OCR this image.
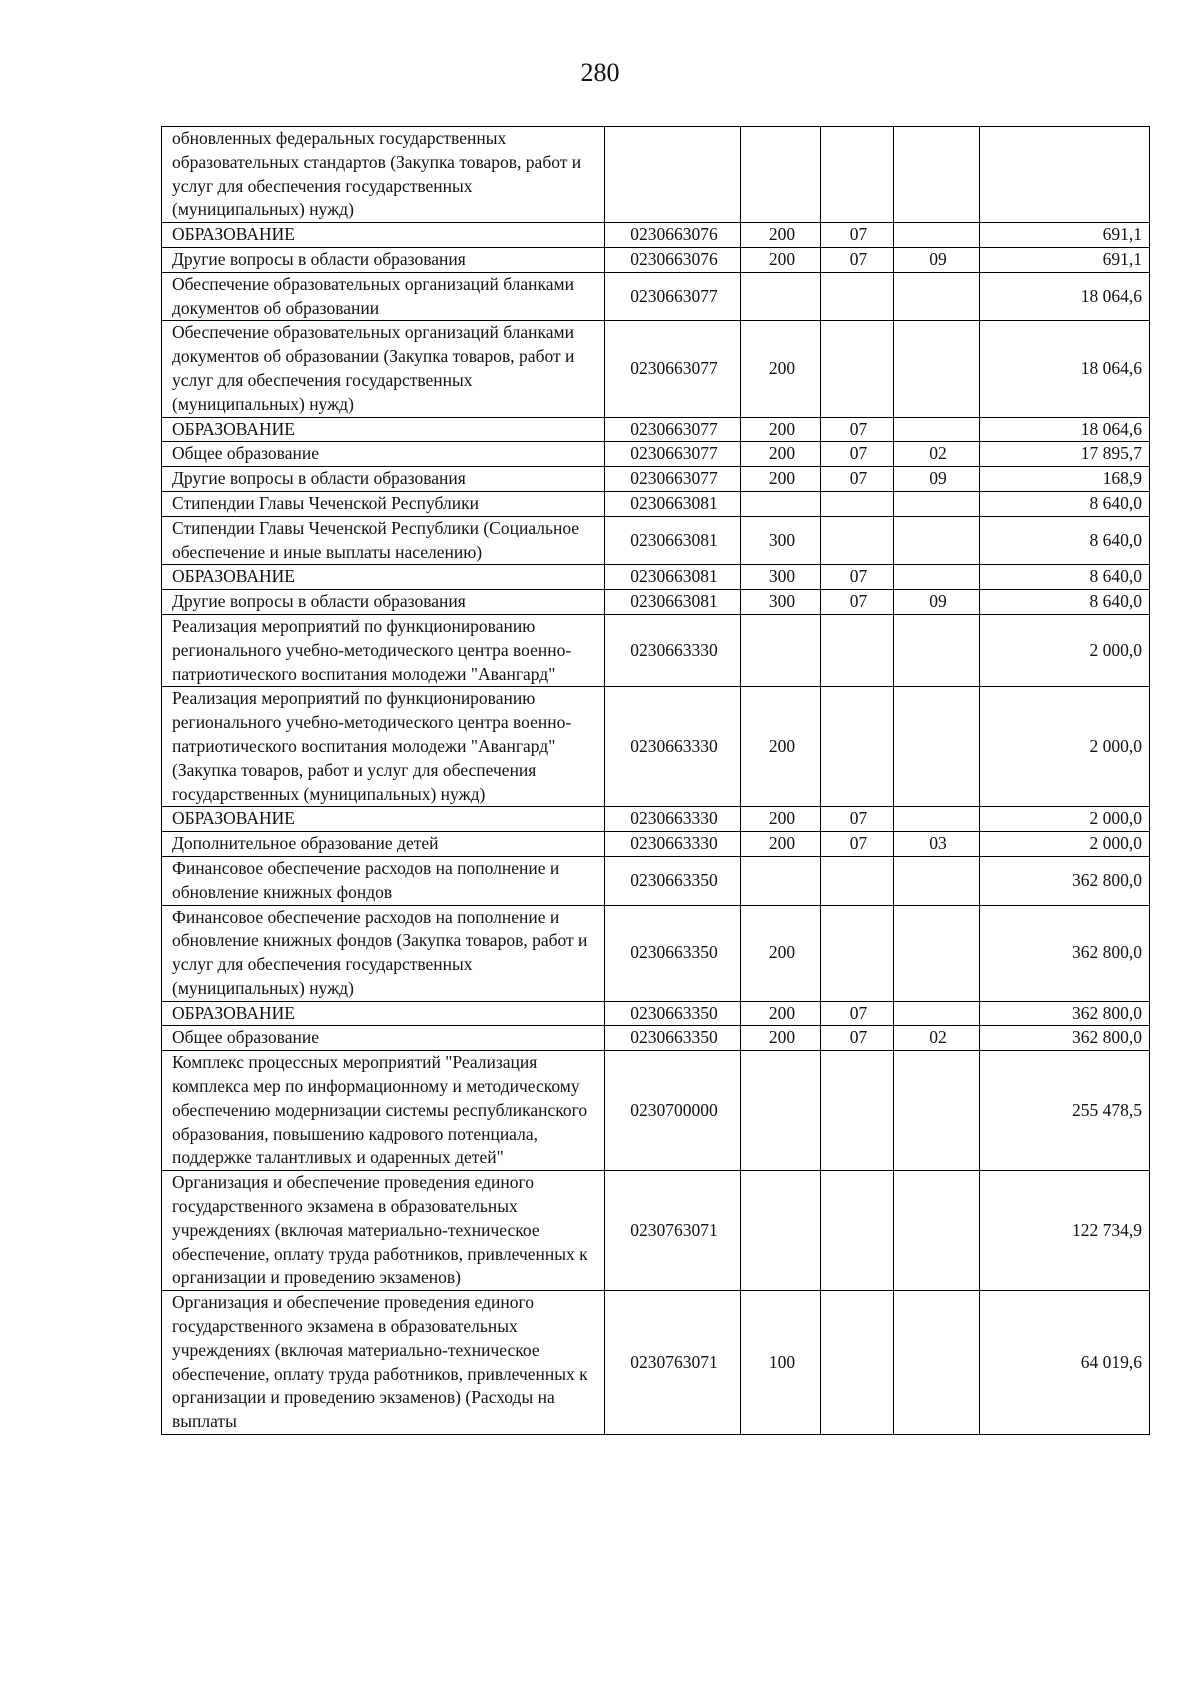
280
обновленных федеральных государственных образовательных стандартов (Закупка товаров, работ и услуг для обеспечения государственных (муниципальных) нужд)					
ОБРАЗОВАНИЕ	0230663076	200	07		691,1
Другие вопросы в области образования	0230663076	200	07	09	691,1
Обеспечение образовательных организаций бланками документов об образовании	0230663077				18 064,6
Обеспечение образовательных организаций бланками документов об образовании (Закупка товаров, работ и услуг для обеспечения государственных (муниципальных) нужд)	0230663077	200			18 064,6
ОБРАЗОВАНИЕ	0230663077	200	07		18 064,6
Общее образование	0230663077	200	07	02	17 895,7
Другие вопросы в области образования	0230663077	200	07	09	168,9
Стипендии Главы Чеченской Республики	0230663081				8 640,0
Стипендии Главы Чеченской Республики (Социальное обеспечение и иные выплаты населению)	0230663081	300			8 640,0
ОБРАЗОВАНИЕ	0230663081	300	07		8 640,0
Другие вопросы в области образования	0230663081	300	07	09	8 640,0
Реализация мероприятий по функционированию регионального учебно-методического центра военно-патриотического воспитания молодежи "Авангард"	0230663330				2 000,0
Реализация мероприятий по функционированию регионального учебно-методического центра военно-патриотического воспитания молодежи "Авангард" (Закупка товаров, работ и услуг для обеспечения государственных (муниципальных) нужд)	0230663330	200			2 000,0
ОБРАЗОВАНИЕ	0230663330	200	07		2 000,0
Дополнительное образование детей	0230663330	200	07	03	2 000,0
Финансовое обеспечение расходов на пополнение и обновление книжных фондов	0230663350				362 800,0
Финансовое обеспечение расходов на пополнение и обновление книжных фондов (Закупка товаров, работ и услуг для обеспечения государственных (муниципальных) нужд)	0230663350	200			362 800,0
ОБРАЗОВАНИЕ	0230663350	200	07		362 800,0
Общее образование	0230663350	200	07	02	362 800,0
Комплекс процессных мероприятий "Реализация комплекса мер по информационному и методическому обеспечению модернизации системы республиканского образования, повышению кадрового потенциала, поддержке талантливых и одаренных детей"	0230700000				255 478,5
Организация и обеспечение проведения единого государственного экзамена в образовательных учреждениях (включая материально-техническое обеспечение, оплату труда работников, привлеченных к организации и проведению экзаменов)	0230763071				122 734,9
Организация и обеспечение проведения единого государственного экзамена в образовательных учреждениях (включая материально-техническое обеспечение, оплату труда работников, привлеченных к организации и проведению экзаменов) (Расходы на выплаты	0230763071	100			64 019,6
